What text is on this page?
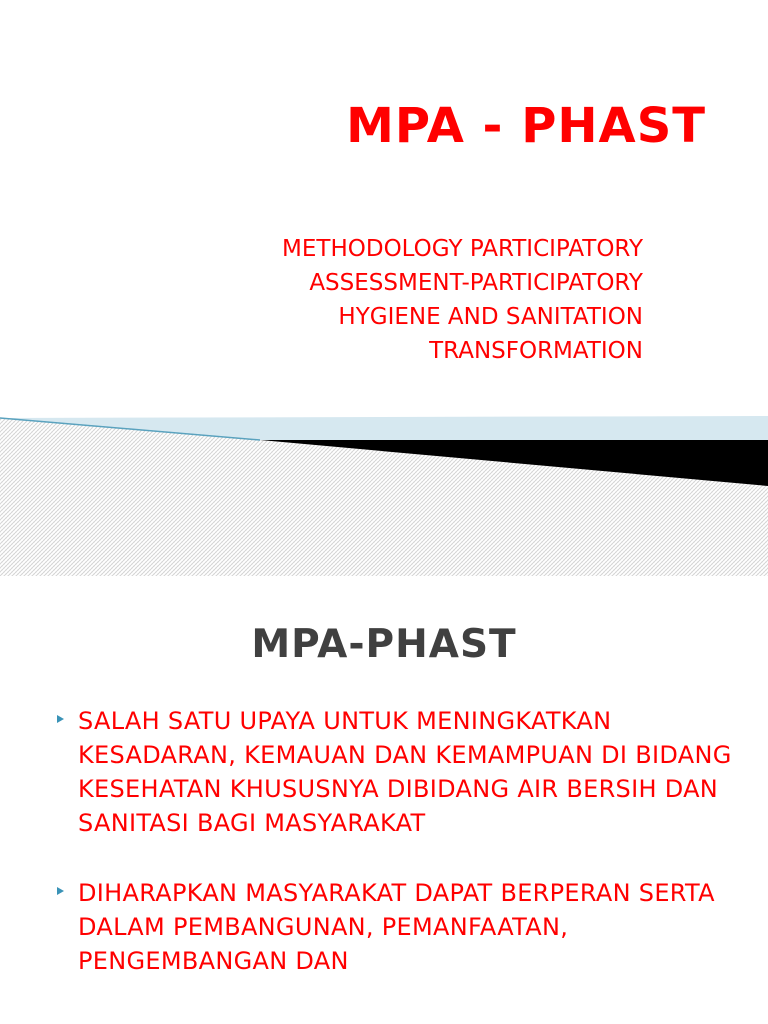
MPA - PHAST

METHODOLOGY PARTICIPATORY
ASSESSMENT-PARTICIPATORY
HYGIENE AND SANITATION
TRANSFORMATION

MPA-PHAST
SALAH SATU UPAYA UNTUK MENINGKATKAN KESADARAN, KEMAUAN DAN KEMAMPUAN DI BIDANG KESEHATAN KHUSUSNYA DIBIDANG AIR BERSIH DAN SANITASI BAGI MASYARAKAT
DIHARAPKAN MASYARAKAT DAPAT BERPERAN SERTA DALAM PEMBANGUNAN, PEMANFAATAN, PENGEMBANGAN DAN
